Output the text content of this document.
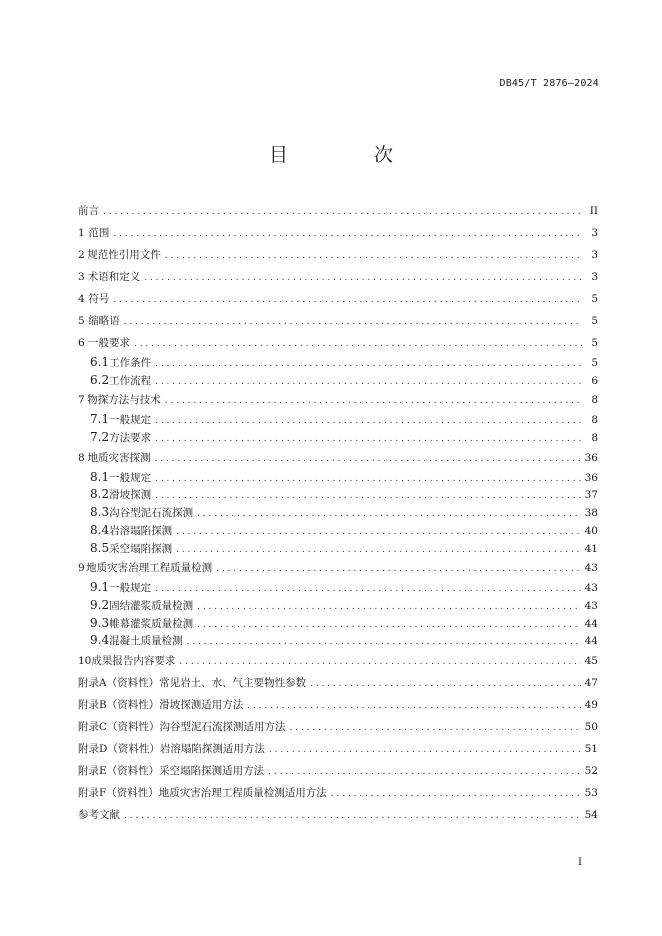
DB45/T 2876—2024
目 次
前言 . . .	II
1 范围 . . .	3
2 规范性引用文件 . . .	3
3 术语和定义 . . .	3
4 符号 . . .	5
5 缩略语 . . .	5
6 一般要求 . . .	5
6.1 工作条件 . . .	5
6.2 工作流程 . . .	6
7 物探方法与技术 . . .	8
7.1 一般规定 . . .	8
7.2 方法要求 . . .	8
8 地质灾害探测 . . .	36
8.1 一般规定 . . .	36
8.2 滑坡探测 . . .	37
8.3 沟谷型泥石流探测 . . .	38
8.4 岩溶塌陷探测 . . .	40
8.5 采空塌陷探测 . . .	41
9 地质灾害治理工程质量检测 . . .	43
9.1 一般规定 . . .	43
9.2 固结灌浆质量检测 . . .	43
9.3 帷幕灌浆质量检测 . . .	44
9.4 混凝土质量检测 . . .	44
10 成果报告内容要求 . . .	45
附录A（资料性） 常见岩土、水、气主要物性参数 . . .	47
附录B（资料性） 滑坡探测适用方法 . . .	49
附录C（资料性） 沟谷型泥石流探测适用方法 . . .	50
附录D（资料性） 岩溶塌陷探测适用方法 . . .	51
附录E（资料性） 采空塌陷探测适用方法 . . .	52
附录F（资料性） 地质灾害治理工程质量检测适用方法 . . .	53
参考文献 . . .	54
I
